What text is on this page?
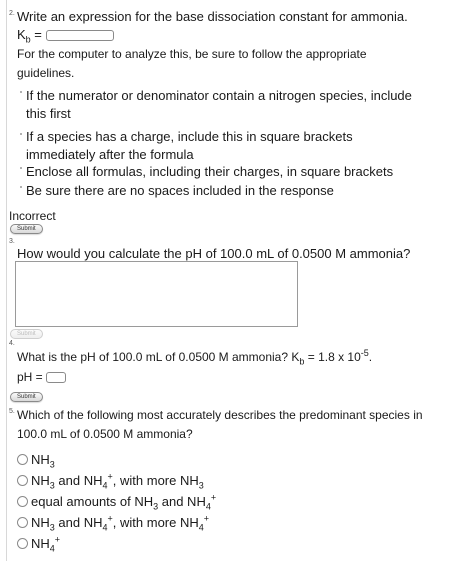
2. Write an expression for the base dissociation constant for ammonia.
$K_b$ =
For the computer to analyze this, be sure to follow the appropriate
guidelines.
If the numerator or denominator contain a nitrogen species, include
this first
If a species has a charge, include this in square brackets
immediately after the formula
Enclose all formulas, including their charges, in square brackets
Be sure there are no spaces included in the response
Incorrect
Submit
3.
How would you calculate the pH of 100.0 mL of 0.0500 M ammonia?
Submit
4.
What is the pH of 100.0 mL of 0.0500 M ammonia? $K_b = 1.8$ x $10^{-5}$.
pH =
Submit
5. Which of the following most accurately describes the predominant species in
100.0 mL of 0.0500 M ammonia?
$NH_3$
$NH_3$ and $NH_4^+$, with more $NH_3$
equal amounts of $NH_3$ and $NH_4^+$
$NH_3$ and $NH_4^+$, with more $NH_4^+$
$NH_4^+$
